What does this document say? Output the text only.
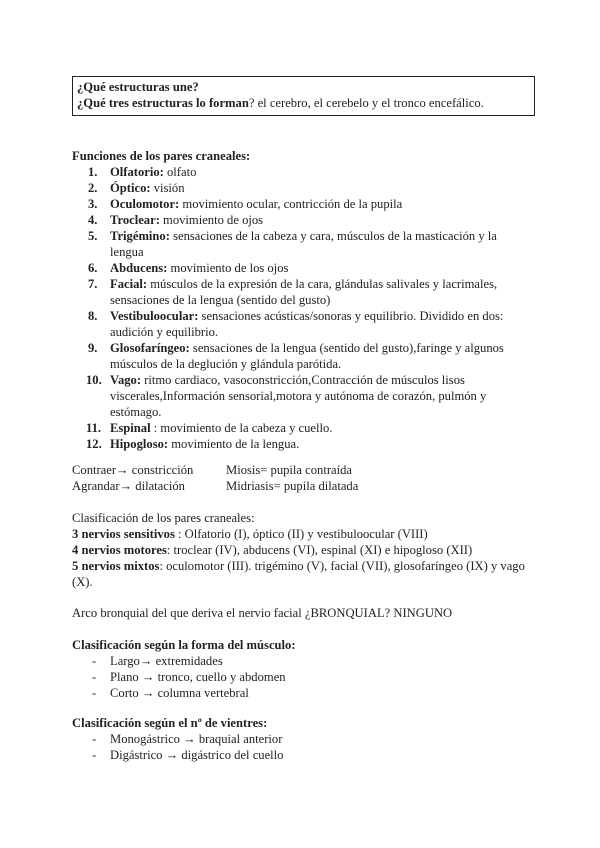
¿Qué estructuras une?
¿Qué tres estructuras lo forman? el cerebro, el cerebelo y el tronco encefálico.
Funciones de los pares craneales:
1. Olfatorio: olfato
2. Óptico: visión
3. Oculomotor: movimiento ocular, contricción de la pupila
4. Troclear: movimiento de ojos
5. Trigémino: sensaciones de la cabeza y cara, músculos de la masticación y la lengua
6. Abducens: movimiento de los ojos
7. Facial: músculos de la expresión de la cara, glándulas salivales y lacrimales, sensaciones de la lengua (sentido del gusto)
8. Vestibuloocular: sensaciones acústicas/sonoras y equilibrio. Dividido en dos: audición y equilibrio.
9. Glosofaríngeo: sensaciones de la lengua (sentido del gusto),faringe y algunos músculos de la deglución y glándula parótida.
10. Vago: ritmo cardiaco, vasoconstricción,Contracción de músculos lisos viscerales,Información sensorial,motora y autónoma de corazón, pulmón y estómago.
11. Espinal : movimiento de la cabeza y cuello.
12. Hipogloso: movimiento de la lengua.
Contraer→ constricción	Miosis= pupila contraída
Agrandar→ dilatación	Midriasis= pupila dilatada
Clasificación de los pares craneales:
3 nervios sensitivos : Olfatorio (I), óptico (II) y vestibuloocular (VIII)
4 nervios motores: troclear (IV), abducens (VI), espinal (XI) e hipogloso (XII)
5 nervios mixtos: oculomotor (III). trigémino (V), facial (VII), glosofaríngeo (IX) y vago (X).
Arco bronquial del que deriva el nervio facial ¿BRONQUIAL? NINGUNO
Clasificación según la forma del músculo:
- Largo→ extremidades
- Plano → tronco, cuello y abdomen
- Corto → columna vertebral
Clasificación según el nº de vientres:
- Monogástrico → braquial anterior
- Digástrico → digástrico del cuello
